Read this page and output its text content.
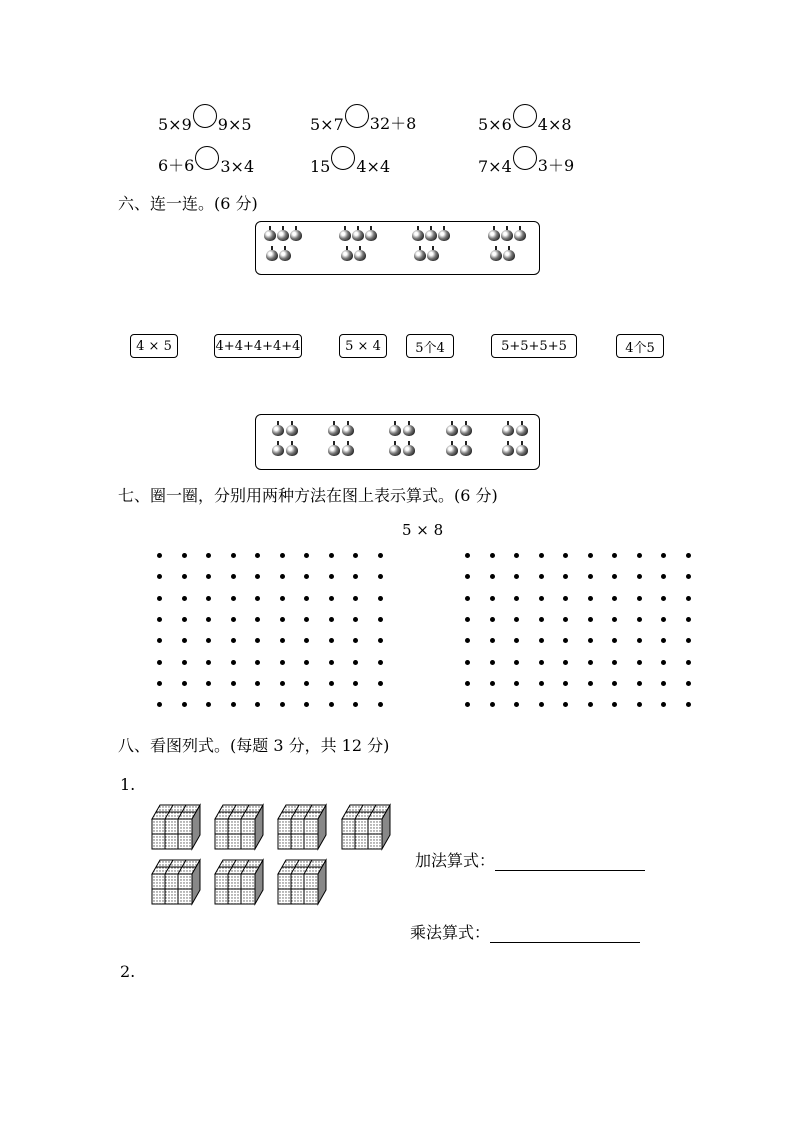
5×9 9×5	5×7 32＋8	5×6 4×8
6＋6 3×4	15 4×4	7×4 3＋9
六、连一连。(6 分)
4 × 5	4+4+4+4+4	5 × 4	5个4	5+5+5+5	4个5
七、圈一圈，分别用两种方法在图上表示算式。(6 分)
5 × 8
八、看图列式。(每题 3 分，共 12 分)
1.
加法算式：
乘法算式：
2.
